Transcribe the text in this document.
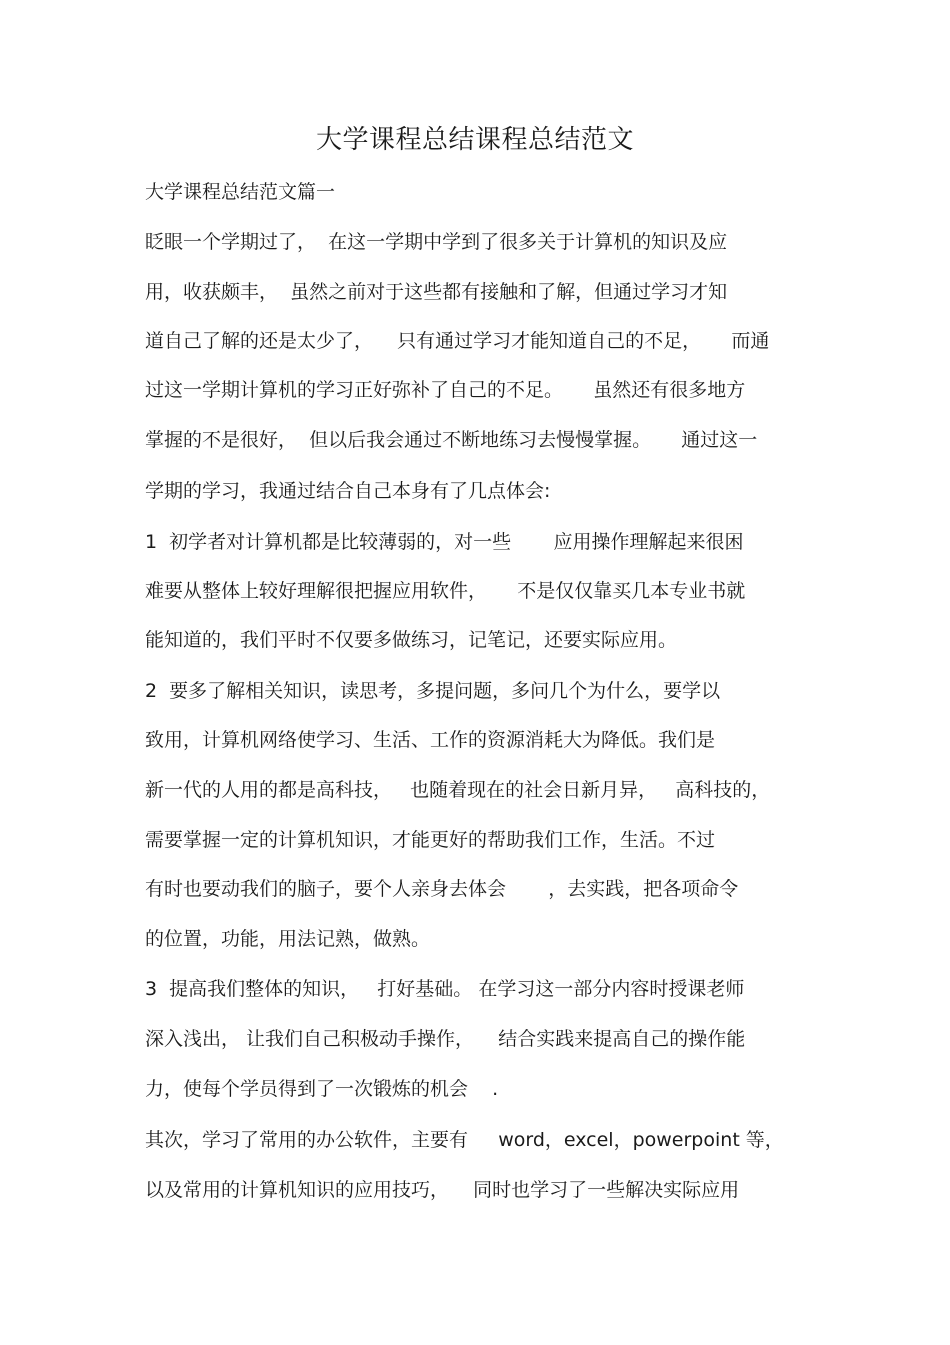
大学课程总结课程总结范文
大学课程总结范文篇一
眨眼一个学期过了，  在这一学期中学到了很多关于计算机的知识及应
用，收获颇丰，  虽然之前对于这些都有接触和了解，但通过学习才知
道自己了解的还是太少了，    只有通过学习才能知道自己的不足，     而通
过这一学期计算机的学习正好弥补了自己的不足。     虽然还有很多地方
掌握的不是很好，  但以后我会通过不断地练习去慢慢掌握。     通过这一
学期的学习，我通过结合自己本身有了几点体会:
1  初学者对计算机都是比较薄弱的，对一些       应用操作理解起来很困
难要从整体上较好理解很把握应用软件，     不是仅仅靠买几本专业书就
能知道的，我们平时不仅要多做练习，记笔记，还要实际应用。
2  要多了解相关知识，读思考，多提问题，多问几个为什么，要学以
致用，计算机网络使学习、生活、工作的资源消耗大为降低。我们是
新一代的人用的都是高科技，   也随着现在的社会日新月异，   高科技的，
需要掌握一定的计算机知识，才能更好的帮助我们工作，生活。不过
有时也要动我们的脑子，要个人亲身去体会       ，去实践，把各项命令
的位置，功能，用法记熟，做熟。
3  提高我们整体的知识，   打好基础。 在学习这一部分内容时授课老师
深入浅出， 让我们自己积极动手操作，    结合实践来提高自己的操作能
力，使每个学员得到了一次锻炼的机会    .
其次，学习了常用的办公软件，主要有     word，excel，powerpoint 等，
以及常用的计算机知识的应用技巧，    同时也学习了一些解决实际应用
